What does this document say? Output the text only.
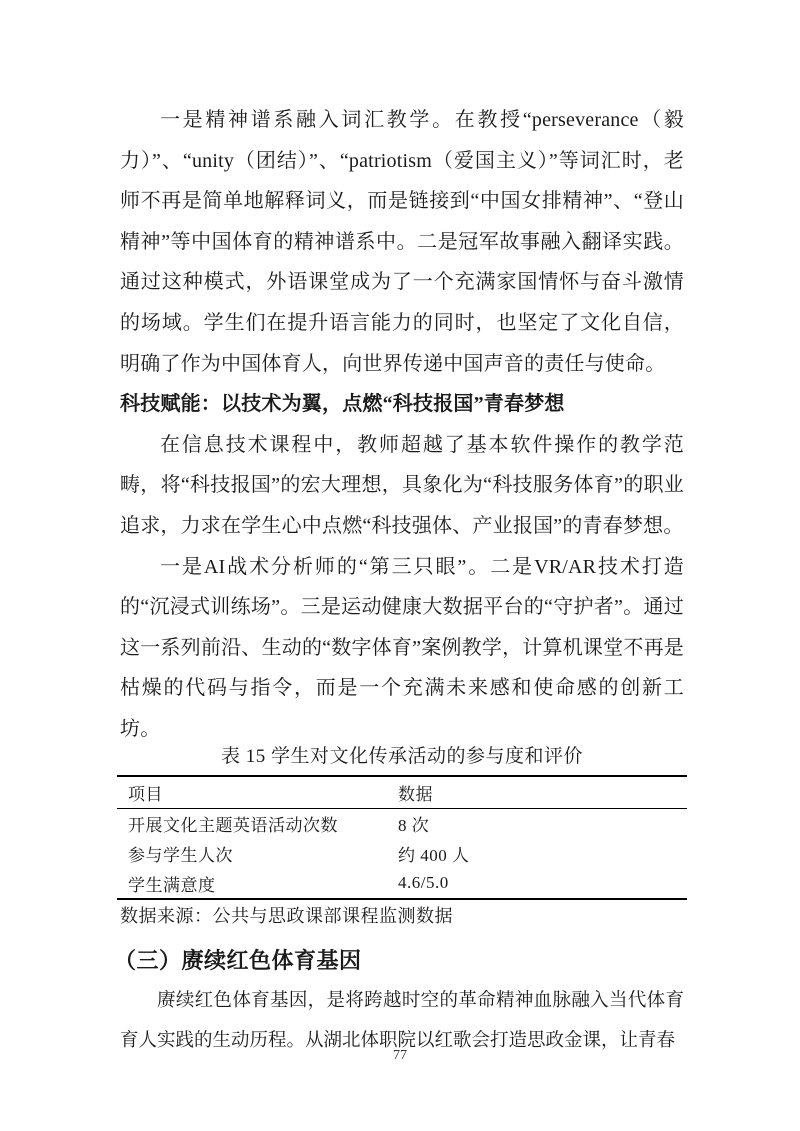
一是精神谱系融入词汇教学。在教授“perseverance（毅力）”、“unity（团结）”、“patriotism（爱国主义）”等词汇时，老师不再是简单地解释词义，而是链接到“中国女排精神”、“登山精神”等中国体育的精神谱系中。二是冠军故事融入翻译实践。通过这种模式，外语课堂成为了一个充满家国情怀与奋斗激情的场域。学生们在提升语言能力的同时，也坚定了文化自信，明确了作为中国体育人，向世界传递中国声音的责任与使命。

科技赋能：以技术为翼，点燃“科技报国”青春梦想

在信息技术课程中，教师超越了基本软件操作的教学范畴，将“科技报国”的宏大理想，具象化为“科技服务体育”的职业追求，力求在学生心中点燃“科技强体、产业报国”的青春梦想。

一是AI战术分析师的“第三只眼”。二是VR/AR技术打造的“沉浸式训练场”。三是运动健康大数据平台的“守护者”。通过这一系列前沿、生动的“数字体育”案例教学，计算机课堂不再是枯燥的代码与指令，而是一个充满未来感和使命感的创新工坊。

表 15 学生对文化传承活动的参与度和评价
项目	数据
开展文化主题英语活动次数	8 次
参与学生人次	约 400 人
学生满意度	4.6/5.0
数据来源：公共与思政课部课程监测数据
（三）赓续红色体育基因

赓续红色体育基因，是将跨越时空的革命精神血脉融入当代体育育人实践的生动历程。从湖北体职院以红歌会打造思政金课，让青春

77
